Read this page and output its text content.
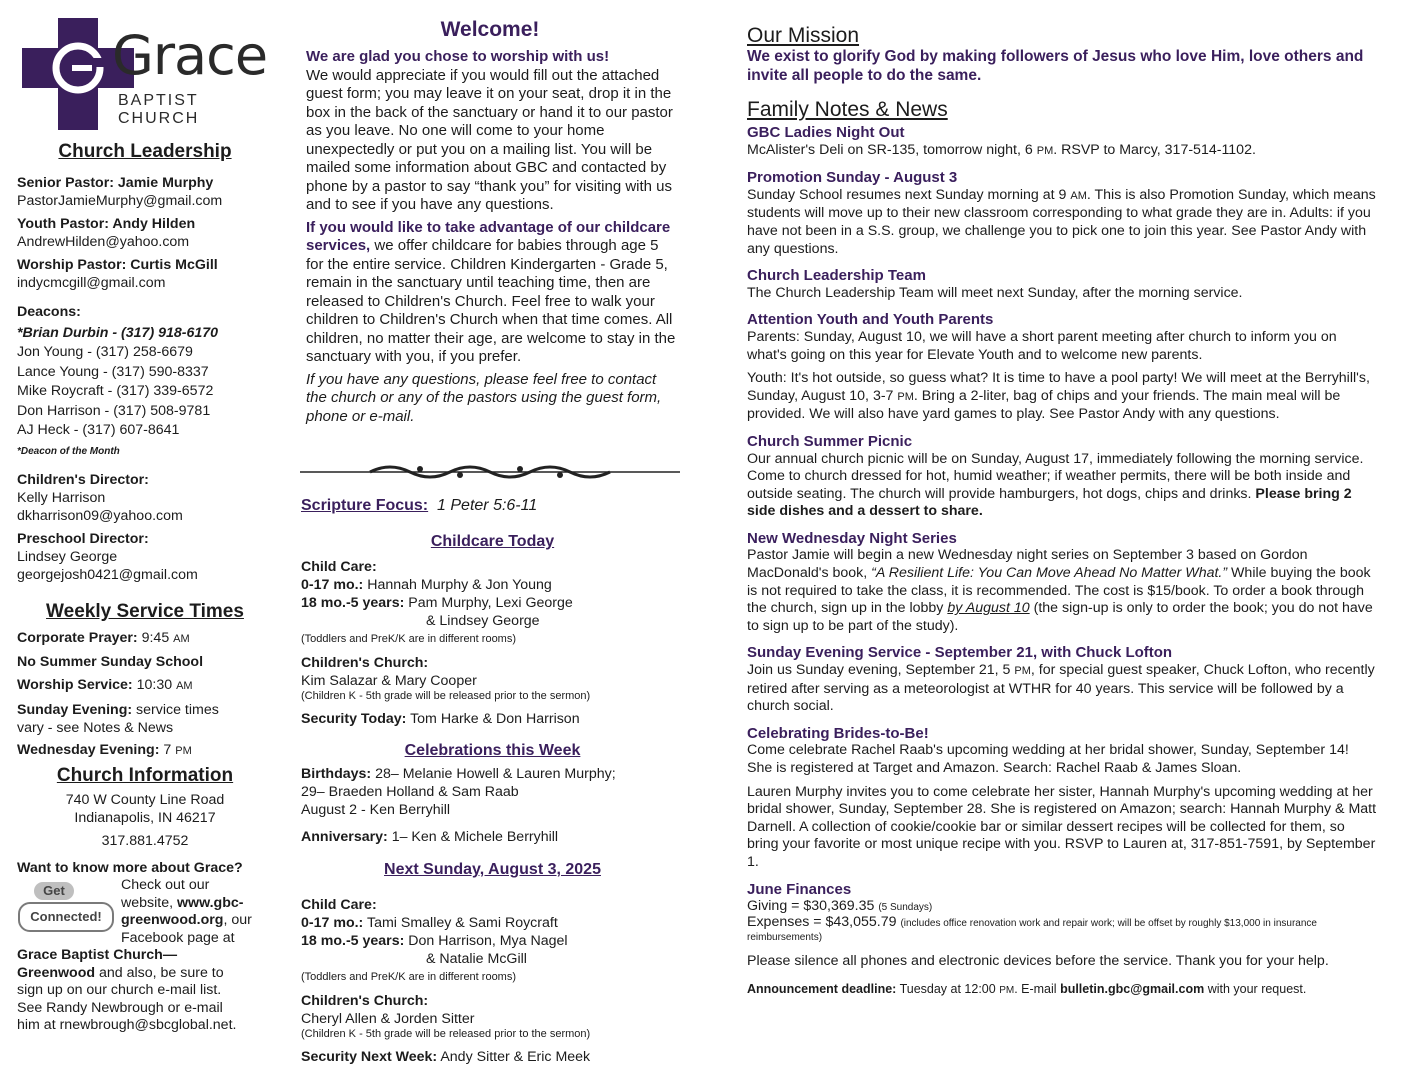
Grace
BAPTIST CHURCH
Church Leadership
Senior Pastor: Jamie Murphy
PastorJamieMurphy@gmail.com
Youth Pastor: Andy Hilden
AndrewHilden@yahoo.com
Worship Pastor: Curtis McGill
indycmcgill@gmail.com
Deacons:
*Brian Durbin - (317) 918-6170
Jon Young - (317) 258-6679
Lance Young - (317) 590-8337
Mike Roycraft - (317) 339-6572
Don Harrison - (317) 508-9781
AJ Heck - (317) 607-8641
*Deacon of the Month
Children's Director:
Kelly Harrison
dkharrison09@yahoo.com
Preschool Director:
Lindsey George
georgejosh0421@gmail.com
Weekly Service Times
Corporate Prayer: 9:45 AM
No Summer Sunday School
Worship Service: 10:30 AM
Sunday Evening: service times
vary - see Notes & News
Wednesday Evening: 7 PM
Church Information
740 W County Line Road
Indianapolis, IN 46217
317.881.4752
Want to know more about Grace?
Get
Connected!
Check out our
website, www.gbc-
greenwood.org, our
Facebook page at
Grace Baptist Church—
Greenwood and also, be sure to
sign up on our church e-mail list.
See Randy Newbrough or e-mail
him at rnewbrough@sbcglobal.net.
Welcome!
We are glad you chose to worship with us!
We would appreciate if you would fill out the attached guest form; you may leave it on your seat, drop it in the box in the back of the sanctuary or hand it to our pastor as you leave. No one will come to your home unexpectedly or put you on a mailing list. You will be mailed some information about GBC and contacted by phone by a pastor to say “thank you” for visiting with us and to see if you have any questions.
If you would like to take advantage of our childcare services, we offer childcare for babies through age 5 for the entire service. Children Kindergarten - Grade 5, remain in the sanctuary until teaching time, then are released to Children's Church. Feel free to walk your children to Children's Church when that time comes. All children, no matter their age, are welcome to stay in the sanctuary with you, if you prefer.
If you have any questions, please feel free to contact the church or any of the pastors using the guest form, phone or e-mail.
Scripture Focus: 1 Peter 5:6-11
Childcare Today
Child Care:
0-17 mo.: Hannah Murphy & Jon Young
18 mo.-5 years: Pam Murphy, Lexi George
& Lindsey George
(Toddlers and PreK/K are in different rooms)
Children's Church:
Kim Salazar & Mary Cooper
(Children K - 5th grade will be released prior to the sermon)
Security Today: Tom Harke & Don Harrison
Celebrations this Week
Birthdays: 28– Melanie Howell & Lauren Murphy;
29– Braeden Holland & Sam Raab
August 2 - Ken Berryhill
Anniversary: 1– Ken & Michele Berryhill
Next Sunday, August 3, 2025
Child Care:
0-17 mo.: Tami Smalley & Sami Roycraft
18 mo.-5 years: Don Harrison, Mya Nagel
& Natalie McGill
(Toddlers and PreK/K are in different rooms)
Children's Church:
Cheryl Allen & Jorden Sitter
(Children K - 5th grade will be released prior to the sermon)
Security Next Week: Andy Sitter & Eric Meek
Our Mission
We exist to glorify God by making followers of Jesus who love Him, love others and invite all people to do the same.
Family Notes & News
GBC Ladies Night Out
McAlister's Deli on SR-135, tomorrow night, 6 PM. RSVP to Marcy, 317-514-1102.
Promotion Sunday - August 3
Sunday School resumes next Sunday morning at 9 AM. This is also Promotion Sunday, which means students will move up to their new classroom corresponding to what grade they are in. Adults: if you have not been in a S.S. group, we challenge you to pick one to join this year. See Pastor Andy with any questions.
Church Leadership Team
The Church Leadership Team will meet next Sunday, after the morning service.
Attention Youth and Youth Parents
Parents: Sunday, August 10, we will have a short parent meeting after church to inform you on what's going on this year for Elevate Youth and to welcome new parents.
Youth: It's hot outside, so guess what? It is time to have a pool party! We will meet at the Berryhill's, Sunday, August 10, 3-7 PM. Bring a 2-liter, bag of chips and your friends. The main meal will be provided. We will also have yard games to play. See Pastor Andy with any questions.
Church Summer Picnic
Our annual church picnic will be on Sunday, August 17, immediately following the morning service. Come to church dressed for hot, humid weather; if weather permits, there will be both inside and outside seating. The church will provide hamburgers, hot dogs, chips and drinks. Please bring 2 side dishes and a dessert to share.
New Wednesday Night Series
Pastor Jamie will begin a new Wednesday night series on September 3 based on Gordon MacDonald's book, “A Resilient Life: You Can Move Ahead No Matter What.” While buying the book is not required to take the class, it is recommended. The cost is $15/book. To order a book through the church, sign up in the lobby by August 10 (the sign-up is only to order the book; you do not have to sign up to be part of the study).
Sunday Evening Service - September 21, with Chuck Lofton
Join us Sunday evening, September 21, 5 PM, for special guest speaker, Chuck Lofton, who recently retired after serving as a meteorologist at WTHR for 40 years. This service will be followed by a church social.
Celebrating Brides-to-Be!
Come celebrate Rachel Raab's upcoming wedding at her bridal shower, Sunday, September 14! She is registered at Target and Amazon. Search: Rachel Raab & James Sloan.
Lauren Murphy invites you to come celebrate her sister, Hannah Murphy's upcoming wedding at her bridal shower, Sunday, September 28. She is registered on Amazon; search: Hannah Murphy & Matt Darnell. A collection of cookie/cookie bar or similar dessert recipes will be collected for them, so bring your favorite or most unique recipe with you. RSVP to Lauren at, 317-851-7591, by September 1.
June Finances
Giving = $30,369.35 (5 Sundays)
Expenses = $43,055.79 (includes office renovation work and repair work; will be offset by roughly $13,000 in insurance reimbursements)
Please silence all phones and electronic devices before the service. Thank you for your help.
Announcement deadline: Tuesday at 12:00 PM. E-mail bulletin.gbc@gmail.com with your request.
